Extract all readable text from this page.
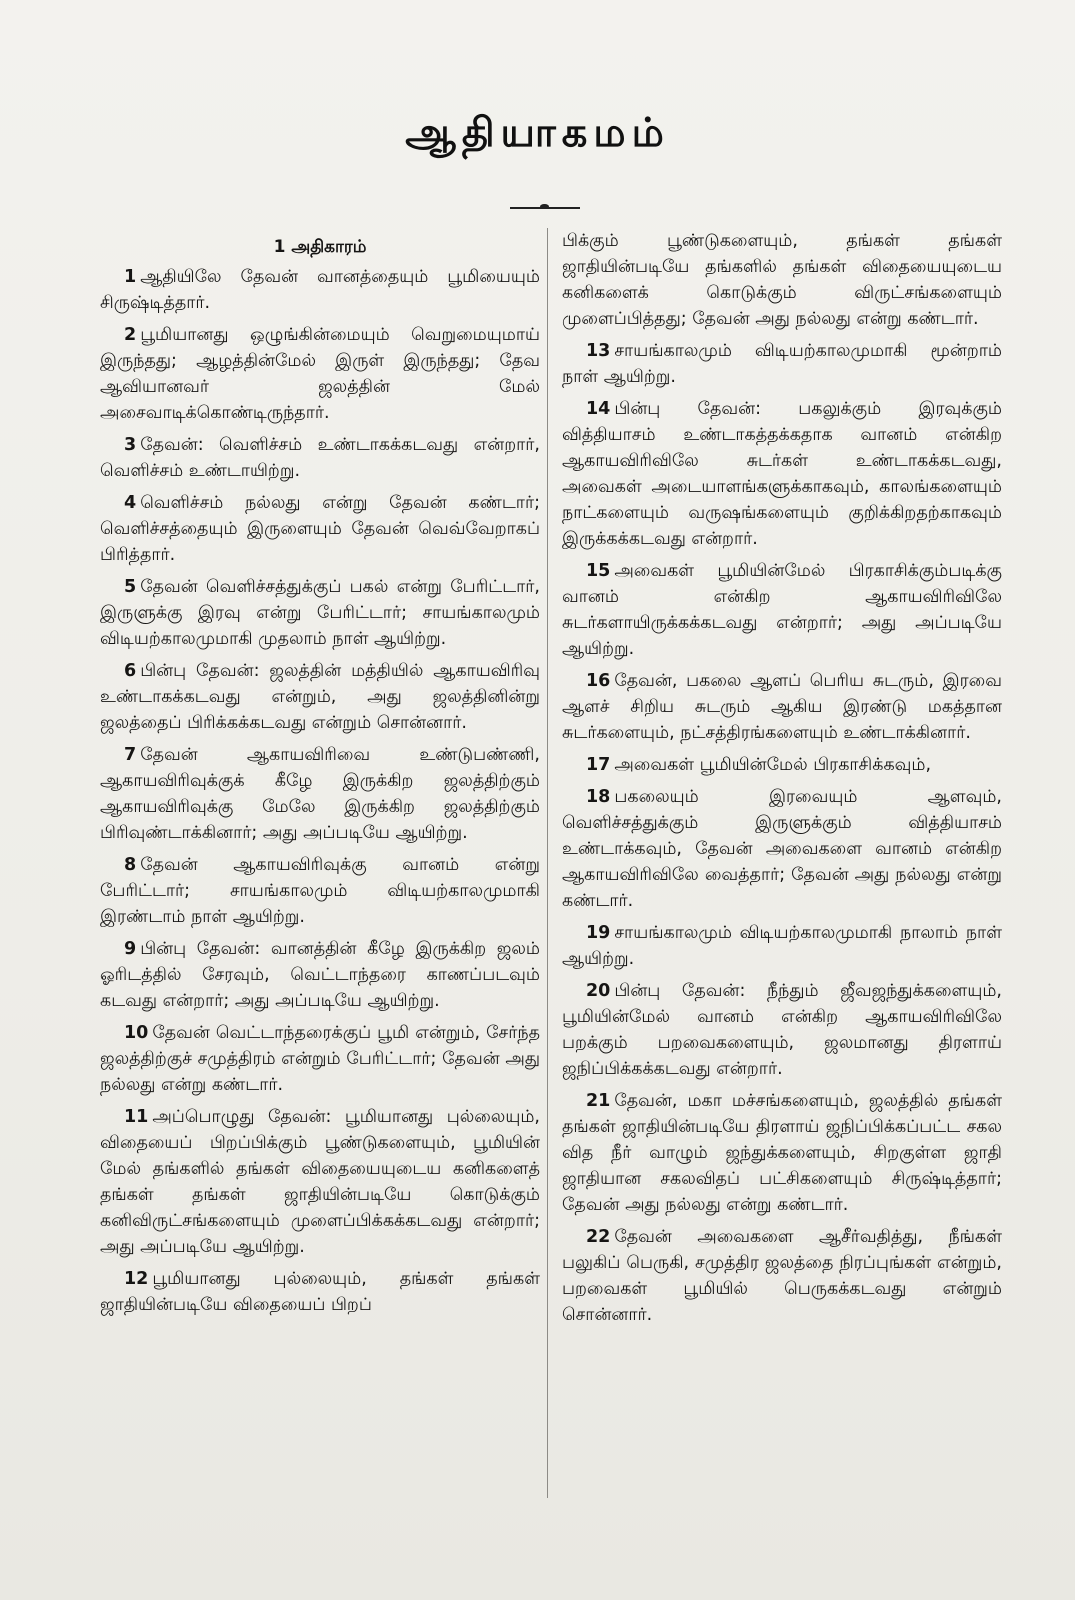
ஆதியாகமம்
1 அதிகாரம்

1 ஆதியிலே தேவன் வானத்தையும் பூமியையும் சிருஷ்டித்தார்.

2 பூமியானது ஒழுங்கின்மையும் வெறுமையுமாய் இருந்தது; ஆழத்தின்மேல் இருள் இருந்தது; தேவ ஆவியானவர் ஜலத்தின் மேல் அசைவாடிக்கொண்டிருந்தார்.

3 தேவன்: வெளிச்சம் உண்டாகக்கடவது என்றார், வெளிச்சம் உண்டாயிற்று.

4 வெளிச்சம் நல்லது என்று தேவன் கண்டார்; வெளிச்சத்தையும் இருளையும் தேவன் வெவ்வேறாகப் பிரித்தார்.

5 தேவன் வெளிச்சத்துக்குப் பகல் என்று பேரிட்டார், இருளுக்கு இரவு என்று பேரிட்டார்; சாயங்காலமும் விடியற்காலமுமாகி முதலாம் நாள் ஆயிற்று.

6 பின்பு தேவன்: ஜலத்தின் மத்தியில் ஆகாயவிரிவு உண்டாகக்கடவது என்றும், அது ஜலத்தினின்று ஜலத்தைப் பிரிக்கக்கடவது என்றும் சொன்னார்.

7 தேவன் ஆகாயவிரிவை உண்டுபண்ணி, ஆகாயவிரிவுக்குக் கீழே இருக்கிற ஜலத்திற்கும் ஆகாயவிரிவுக்கு மேலே இருக்கிற ஜலத்திற்கும் பிரிவுண்டாக்கினார்; அது அப்படியே ஆயிற்று.

8 தேவன் ஆகாயவிரிவுக்கு வானம் என்று பேரிட்டார்; சாயங்காலமும் விடியற்காலமுமாகி இரண்டாம் நாள் ஆயிற்று.

9 பின்பு தேவன்: வானத்தின் கீழே இருக்கிற ஜலம் ஓரிடத்தில் சேரவும், வெட்டாந்தரை காணப்படவும் கடவது என்றார்; அது அப்படியே ஆயிற்று.

10 தேவன் வெட்டாந்தரைக்குப் பூமி என்றும், சேர்ந்த ஜலத்திற்குச் சமுத்திரம் என்றும் பேரிட்டார்; தேவன் அது நல்லது என்று கண்டார்.

11 அப்பொழுது தேவன்: பூமியானது புல்லையும், விதையைப் பிறப்பிக்கும் பூண்டுகளையும், பூமியின் மேல் தங்களில் தங்கள் விதையையுடைய கனிகளைத் தங்கள் தங்கள் ஜாதியின்படியே கொடுக்கும் கனிவிருட்சங்களையும் முளைப்பிக்கக்கடவது என்றார்; அது அப்படியே ஆயிற்று.

12 பூமியானது புல்லையும், தங்கள் தங்கள் ஜாதியின்படியே விதையைப் பிறப்

பிக்கும் பூண்டுகளையும், தங்கள் தங்கள் ஜாதியின்படியே தங்களில் தங்கள் விதையையுடைய கனிகளைக் கொடுக்கும் விருட்சங்களையும் முளைப்பித்தது; தேவன் அது நல்லது என்று கண்டார்.

13 சாயங்காலமும் விடியற்காலமுமாகி மூன்றாம் நாள் ஆயிற்று.

14 பின்பு தேவன்: பகலுக்கும் இரவுக்கும் வித்தியாசம் உண்டாகத்தக்கதாக வானம் என்கிற ஆகாயவிரிவிலே சுடர்கள் உண்டாகக்கடவது, அவைகள் அடையாளங்களுக்காகவும், காலங்களையும் நாட்களையும் வருஷங்களையும் குறிக்கிறதற்காகவும் இருக்கக்கடவது என்றார்.

15 அவைகள் பூமியின்மேல் பிரகாசிக்கும்படிக்கு வானம் என்கிற ஆகாயவிரிவிலே சுடர்களாயிருக்கக்கடவது என்றார்; அது அப்படியே ஆயிற்று.

16 தேவன், பகலை ஆளப் பெரிய சுடரும், இரவை ஆளச் சிறிய சுடரும் ஆகிய இரண்டு மகத்தான சுடர்களையும், நட்சத்திரங்களையும் உண்டாக்கினார்.

17 அவைகள் பூமியின்மேல் பிரகாசிக்கவும்,

18 பகலையும் இரவையும் ஆளவும், வெளிச்சத்துக்கும் இருளுக்கும் வித்தியாசம் உண்டாக்கவும், தேவன் அவைகளை வானம் என்கிற ஆகாயவிரிவிலே வைத்தார்; தேவன் அது நல்லது என்று கண்டார்.

19 சாயங்காலமும் விடியற்காலமுமாகி நாலாம் நாள் ஆயிற்று.

20 பின்பு தேவன்: நீந்தும் ஜீவஜந்துக்களையும், பூமியின்மேல் வானம் என்கிற ஆகாயவிரிவிலே பறக்கும் பறவைகளையும், ஜலமானது திரளாய் ஜநிப்பிக்கக்கடவது என்றார்.

21 தேவன், மகா மச்சங்களையும், ஜலத்தில் தங்கள் தங்கள் ஜாதியின்படியே திரளாய் ஜநிப்பிக்கப்பட்ட சகல வித நீர் வாழும் ஜந்துக்களையும், சிறகுள்ள ஜாதி ஜாதியான சகலவிதப் பட்சிகளையும் சிருஷ்டித்தார்; தேவன் அது நல்லது என்று கண்டார்.

22 தேவன் அவைகளை ஆசீர்வதித்து, நீங்கள் பலுகிப் பெருகி, சமுத்திர ஜலத்தை நிரப்புங்கள் என்றும், பறவைகள் பூமியில் பெருகக்கடவது என்றும் சொன்னார்.
